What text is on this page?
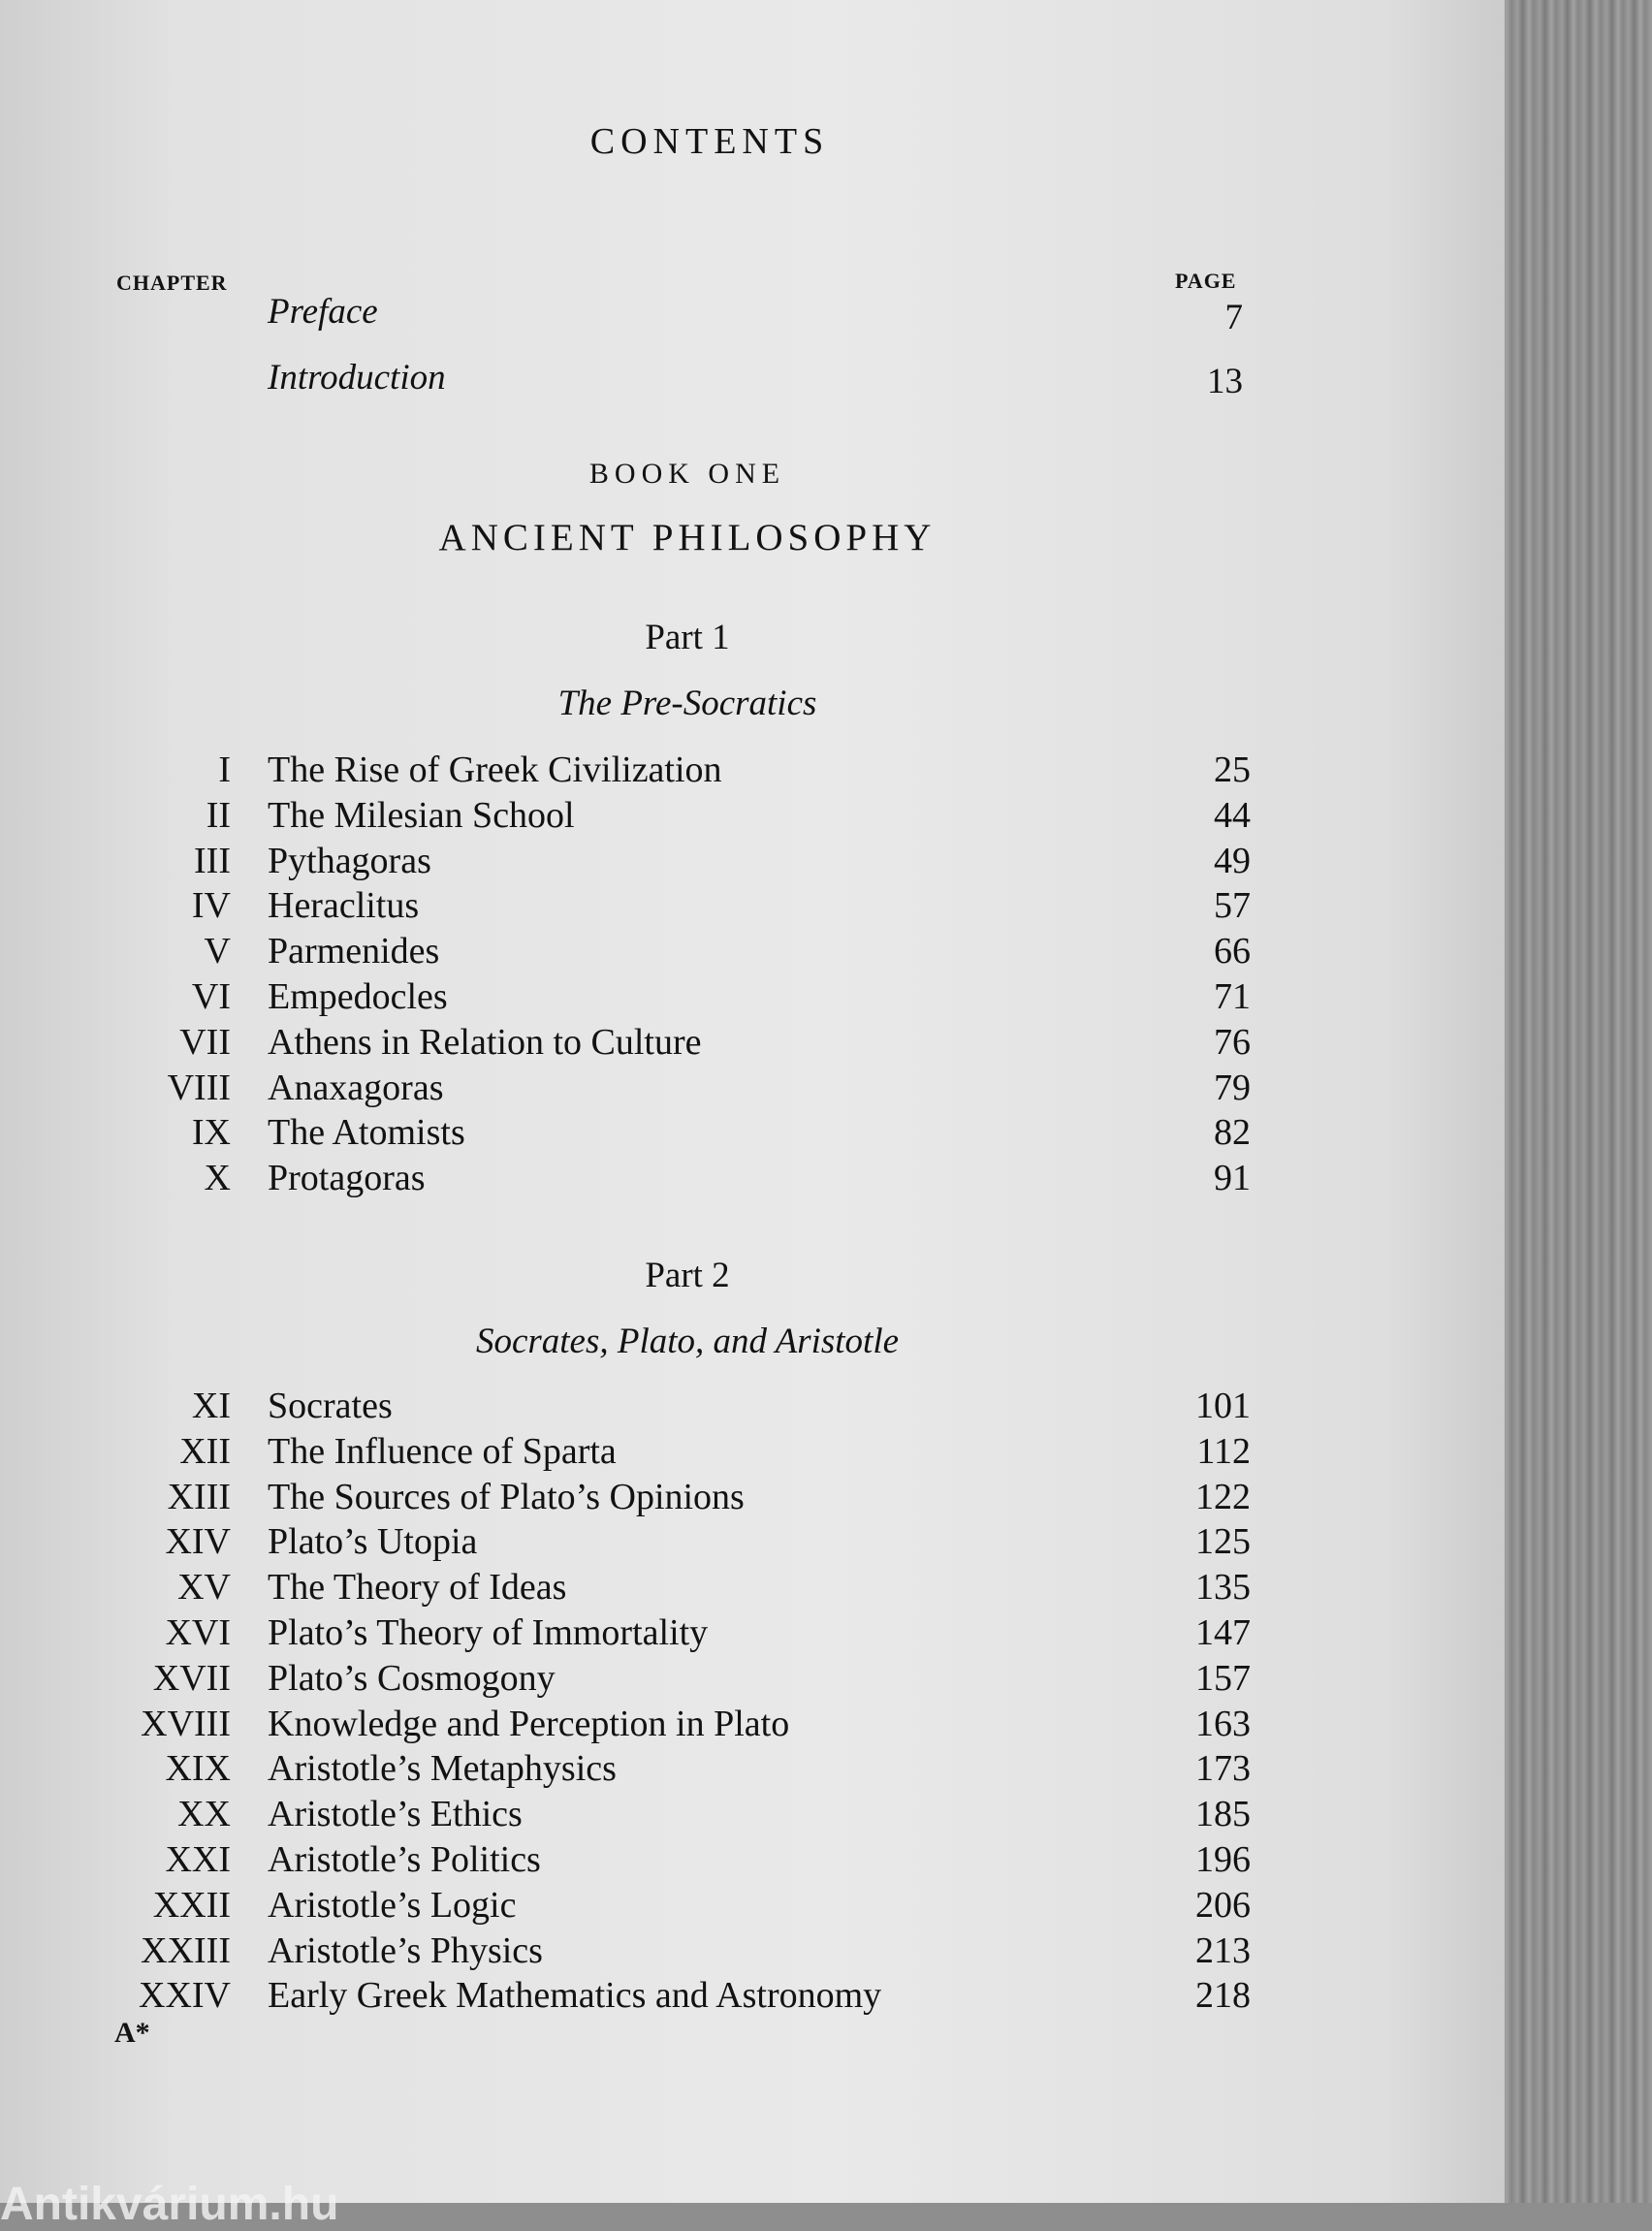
CONTENTS
CHAPTER	PAGE
Preface	7
Introduction	13
BOOK ONE
ANCIENT PHILOSOPHY
Part 1
The Pre-Socratics
I The Rise of Greek Civilization	25
II The Milesian School	44
III Pythagoras	49
IV Heraclitus	57
V Parmenides	66
VI Empedocles	71
VII Athens in Relation to Culture	76
VIII Anaxagoras	79
IX The Atomists	82
X Protagoras	91
Part 2
Socrates, Plato, and Aristotle
XI Socrates	101
XII The Influence of Sparta	112
XIII The Sources of Plato’s Opinions	122
XIV Plato’s Utopia	125
XV The Theory of Ideas	135
XVI Plato’s Theory of Immortality	147
XVII Plato’s Cosmogony	157
XVIII Knowledge and Perception in Plato	163
XIX Aristotle’s Metaphysics	173
XX Aristotle’s Ethics	185
XXI Aristotle’s Politics	196
XXII Aristotle’s Logic	206
XXIII Aristotle’s Physics	213
XXIV Early Greek Mathematics and Astronomy	218
A*
Antikvárium.hu
